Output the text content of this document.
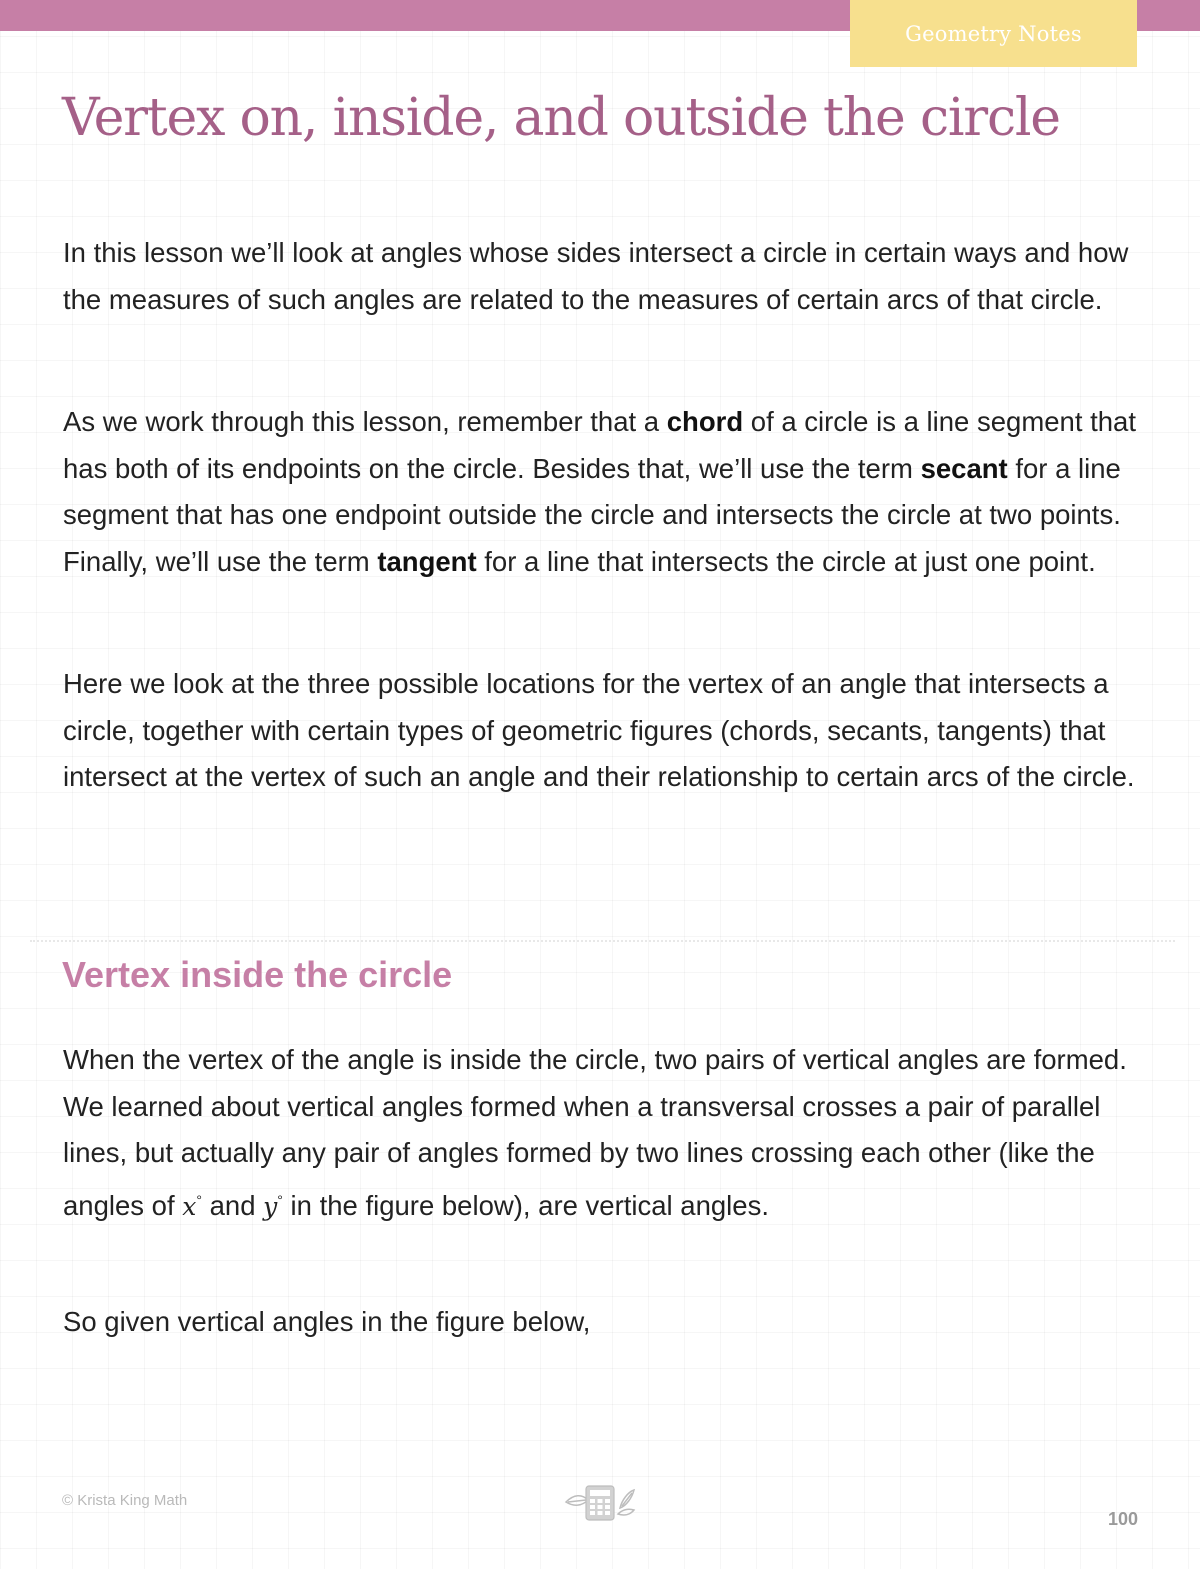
Geometry Notes
Vertex on, inside, and outside the circle

In this lesson we’ll look at angles whose sides intersect a circle in certain ways and how the measures of such angles are related to the measures of certain arcs of that circle.

As we work through this lesson, remember that a chord of a circle is a line segment that has both of its endpoints on the circle. Besides that, we’ll use the term secant for a line segment that has one endpoint outside the circle and intersects the circle at two points. Finally, we’ll use the term tangent for a line that intersects the circle at just one point.

Here we look at the three possible locations for the vertex of an angle that intersects a circle, together with certain types of geometric figures (chords, secants, tangents) that intersect at the vertex of such an angle and their relationship to certain arcs of the circle.

Vertex inside the circle

When the vertex of the angle is inside the circle, two pairs of vertical angles are formed. We learned about vertical angles formed when a transversal crosses a pair of parallel lines, but actually any pair of angles formed by two lines crossing each other (like the angles of x° and y° in the figure below), are vertical angles.

So given vertical angles in the figure below,

© Krista King Math
100
